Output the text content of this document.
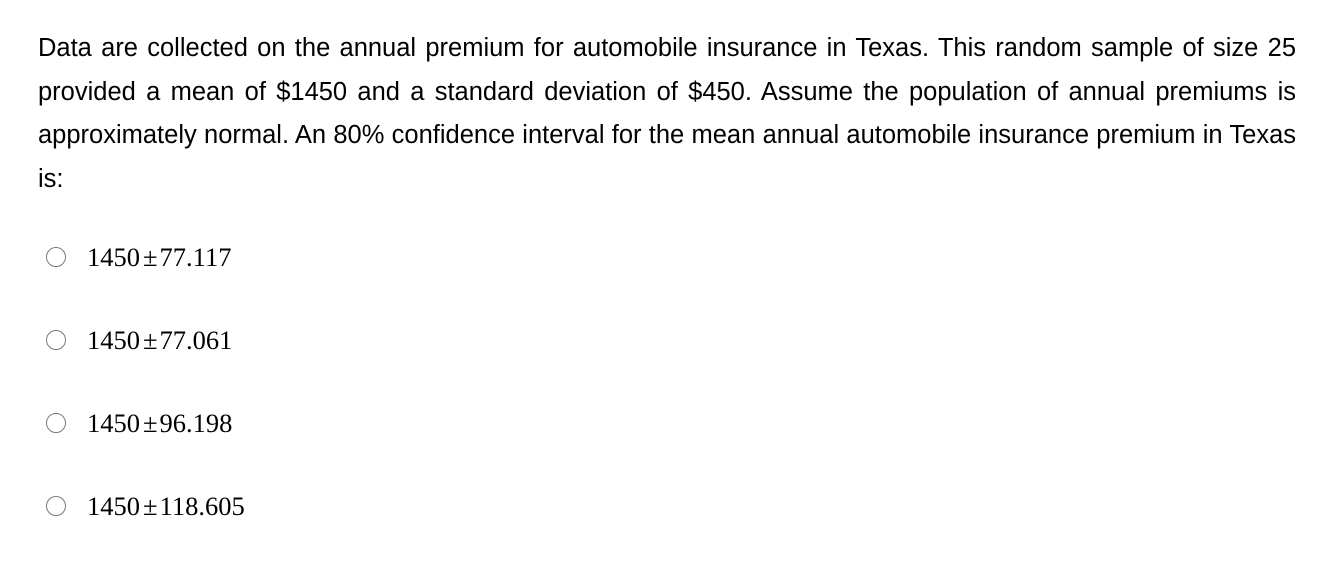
Data are collected on the annual premium for automobile insurance in Texas. This random sample of size 25 provided a mean of $1450 and a standard deviation of $450. Assume the population of annual premiums is approximately normal. An 80% confidence interval for the mean annual automobile insurance premium in Texas is:

1450 ±77.117
1450 ±77.061
1450 ±96.198
1450 ±118.605
